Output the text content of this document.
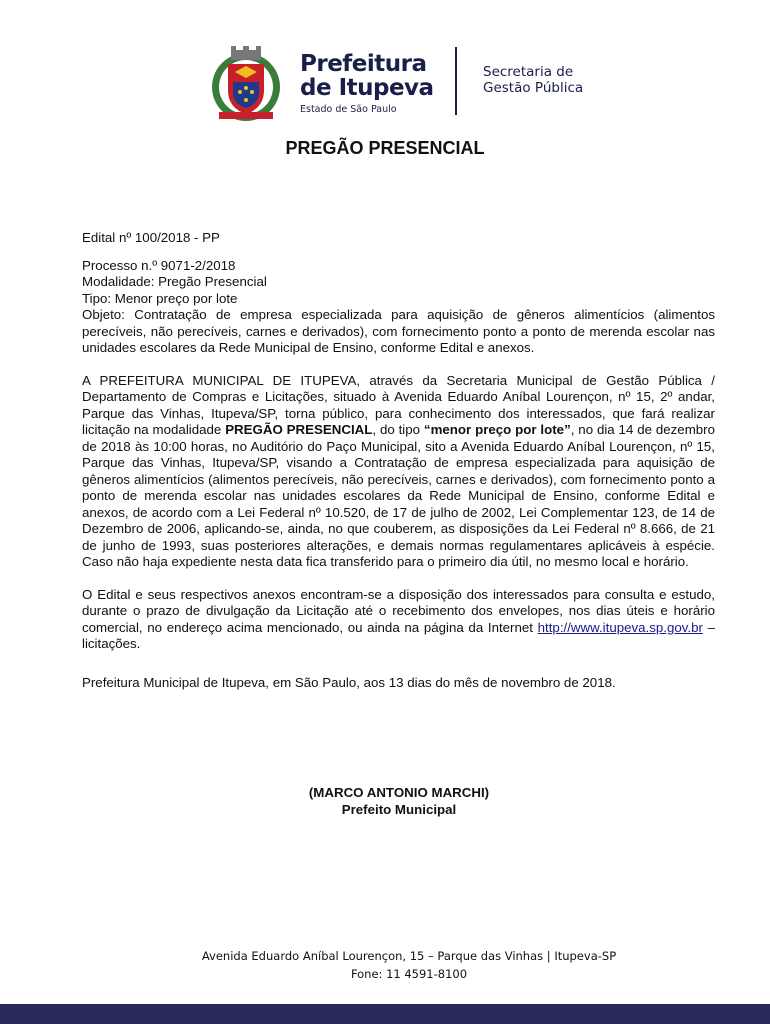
Prefeitura
de Itupeva
Estado de São Paulo
Secretaria de
Gestão Pública
PREGÃO PRESENCIAL

Edital nº 100/2018 - PP

Processo n.º 9071-2/2018

Modalidade: Pregão Presencial

Tipo: Menor preço por lote

Objeto: Contratação de empresa especializada para aquisição de gêneros alimentícios (alimentos perecíveis, não perecíveis, carnes e derivados), com fornecimento ponto a ponto de merenda escolar nas unidades escolares da Rede Municipal de Ensino, conforme Edital e anexos.

A PREFEITURA MUNICIPAL DE ITUPEVA, através da Secretaria Municipal de Gestão Pública / Departamento de Compras e Licitações, situado à Avenida Eduardo Aníbal Lourençon, nº 15, 2º andar, Parque das Vinhas, Itupeva/SP, torna público, para conhecimento dos interessados, que fará realizar licitação na modalidade PREGÃO PRESENCIAL, do tipo “menor preço por lote”, no dia 14 de dezembro de 2018 às 10:00 horas, no Auditório do Paço Municipal, sito a Avenida Eduardo Aníbal Lourençon, nº 15, Parque das Vinhas, Itupeva/SP, visando a Contratação de empresa especializada para aquisição de gêneros alimentícios (alimentos perecíveis, não perecíveis, carnes e derivados), com fornecimento ponto a ponto de merenda escolar nas unidades escolares da Rede Municipal de Ensino, conforme Edital e anexos, de acordo com a Lei Federal nº 10.520, de 17 de julho de 2002, Lei Complementar 123, de 14 de Dezembro de 2006, aplicando-se, ainda, no que couberem, as disposições da Lei Federal nº 8.666, de 21 de junho de 1993, suas posteriores alterações, e demais normas regulamentares aplicáveis à espécie. Caso não haja expediente nesta data fica transferido para o primeiro dia útil, no mesmo local e horário.

O Edital e seus respectivos anexos encontram-se a disposição dos interessados para consulta e estudo, durante o prazo de divulgação da Licitação até o recebimento dos envelopes, nos dias úteis e horário comercial, no endereço acima mencionado, ou ainda na página da Internet http://www.itupeva.sp.gov.br – licitações.

Prefeitura Municipal de Itupeva, em São Paulo, aos 13 dias do mês de novembro de 2018.

(MARCO ANTONIO MARCHI)
Prefeito Municipal
Avenida Eduardo Aníbal Lourençon, 15 – Parque das Vinhas | Itupeva-SP
Fone: 11 4591-8100
